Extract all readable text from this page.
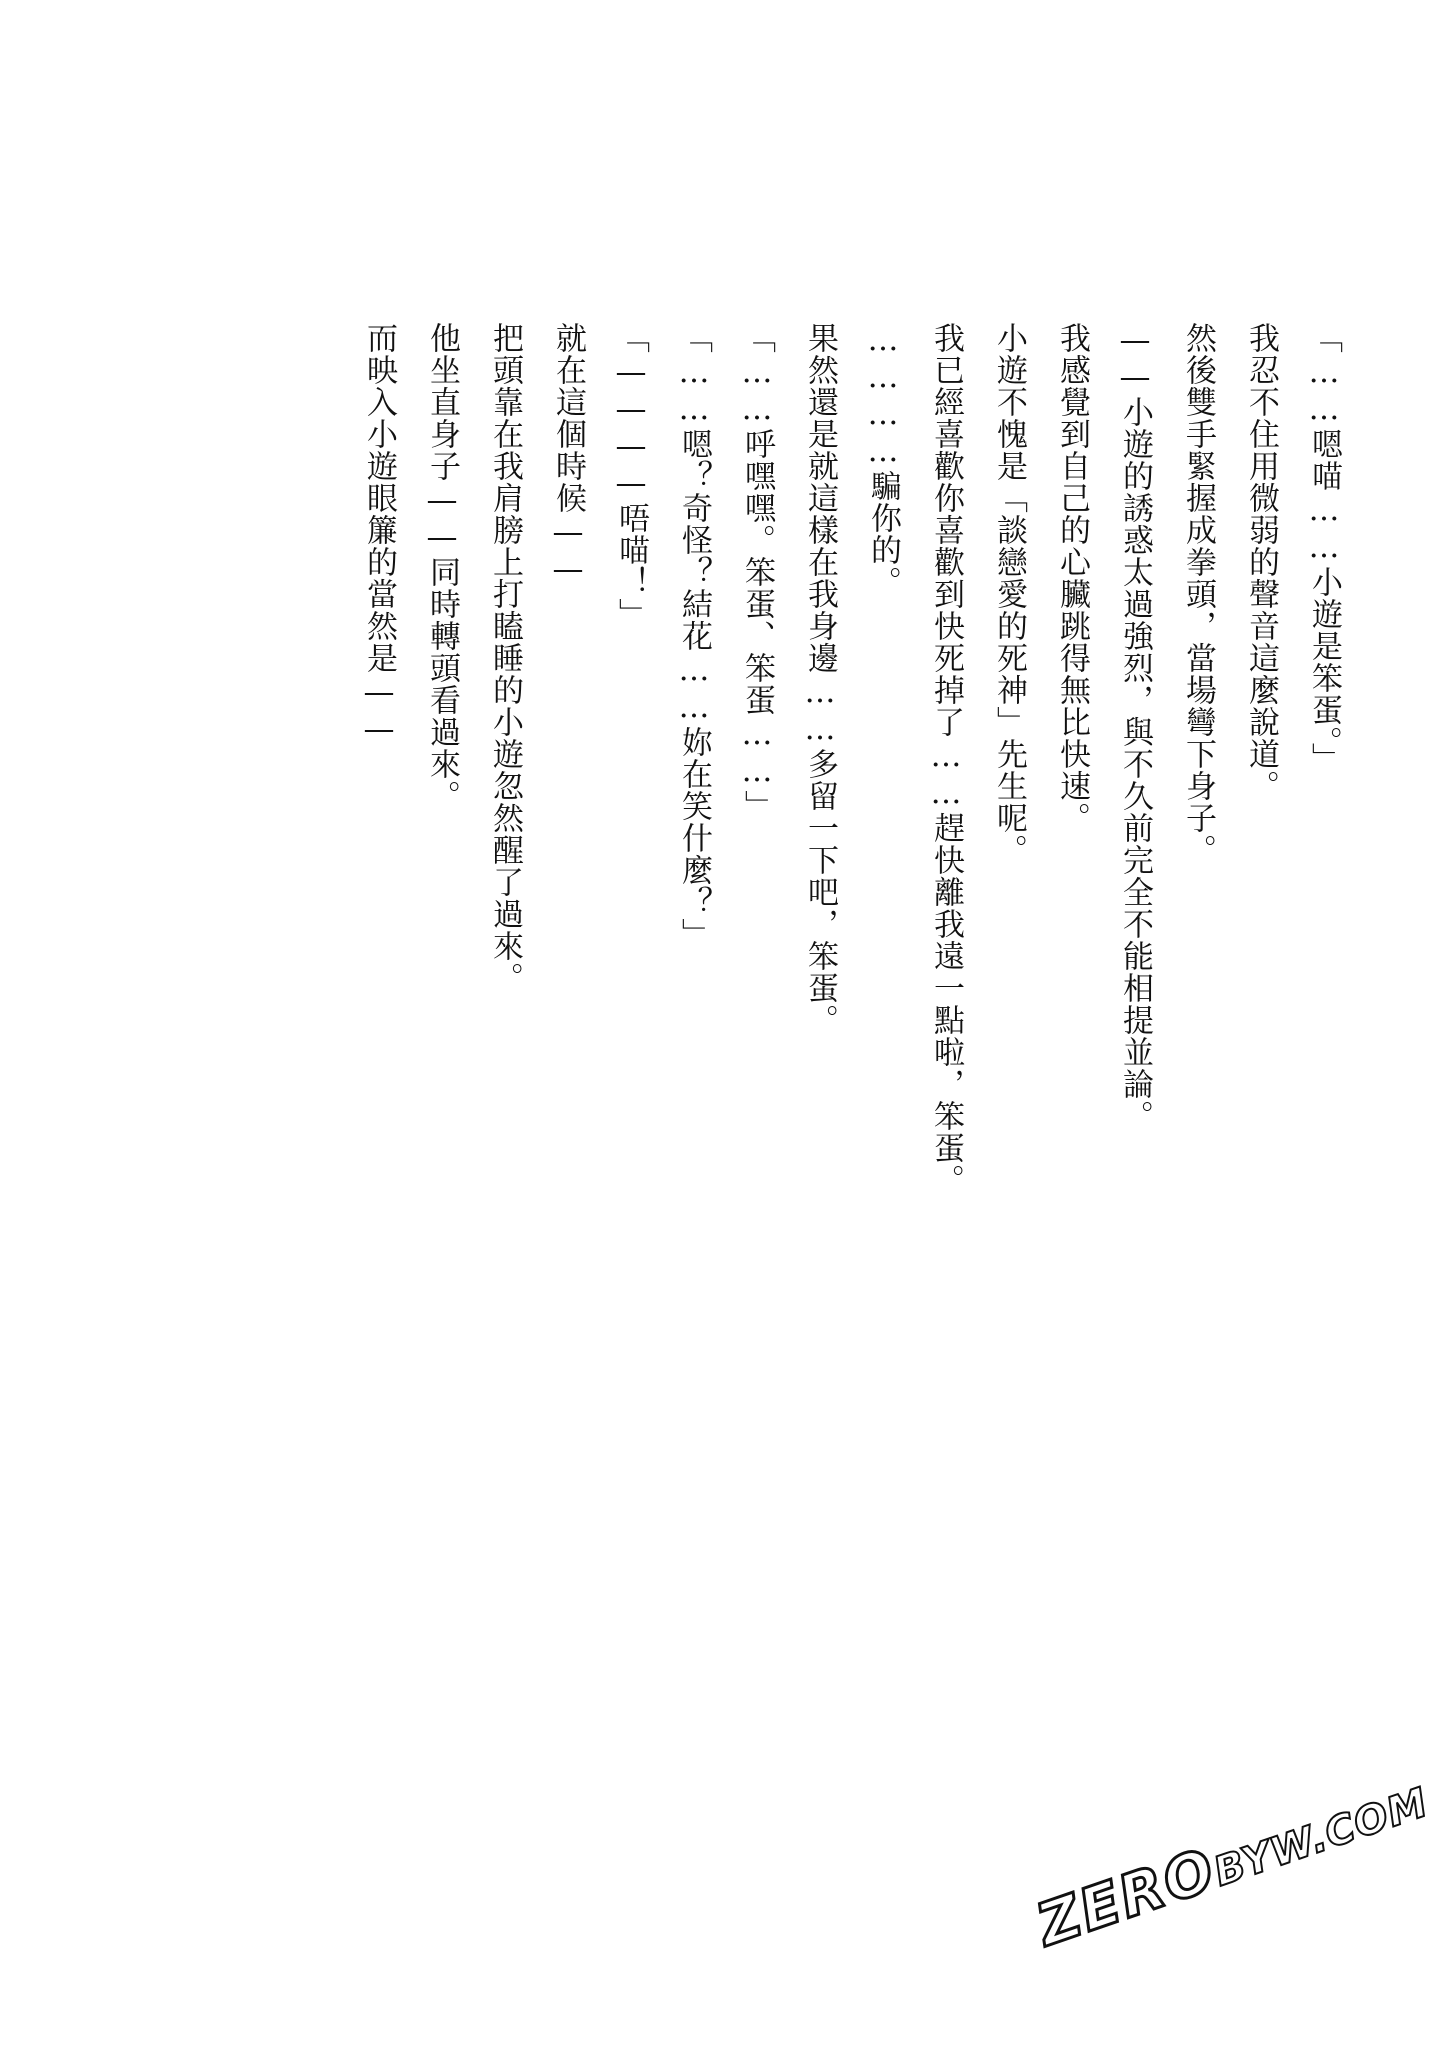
「……嗯喵……小遊是笨蛋。」
我忍不住用微弱的聲音這麼說道。
然後雙手緊握成拳頭，當場彎下身子。
——小遊的誘惑太過強烈，與不久前完全不能相提並論。
我感覺到自己的心臟跳得無比快速。
小遊不愧是「談戀愛的死神」先生呢。
我已經喜歡你喜歡到快死掉了……趕快離我遠一點啦，笨蛋。
…………騙你的。
果然還是就這樣在我身邊……多留一下吧，笨蛋。
「……呼嘿嘿。笨蛋、笨蛋……」
「……嗯？奇怪？結花……妳在笑什麼？」
「————唔喵！」
就在這個時候——
把頭靠在我肩膀上打瞌睡的小遊忽然醒了過來。
他坐直身子——同時轉頭看過來。
而映入小遊眼簾的當然是——
ZEROBYW.COM
